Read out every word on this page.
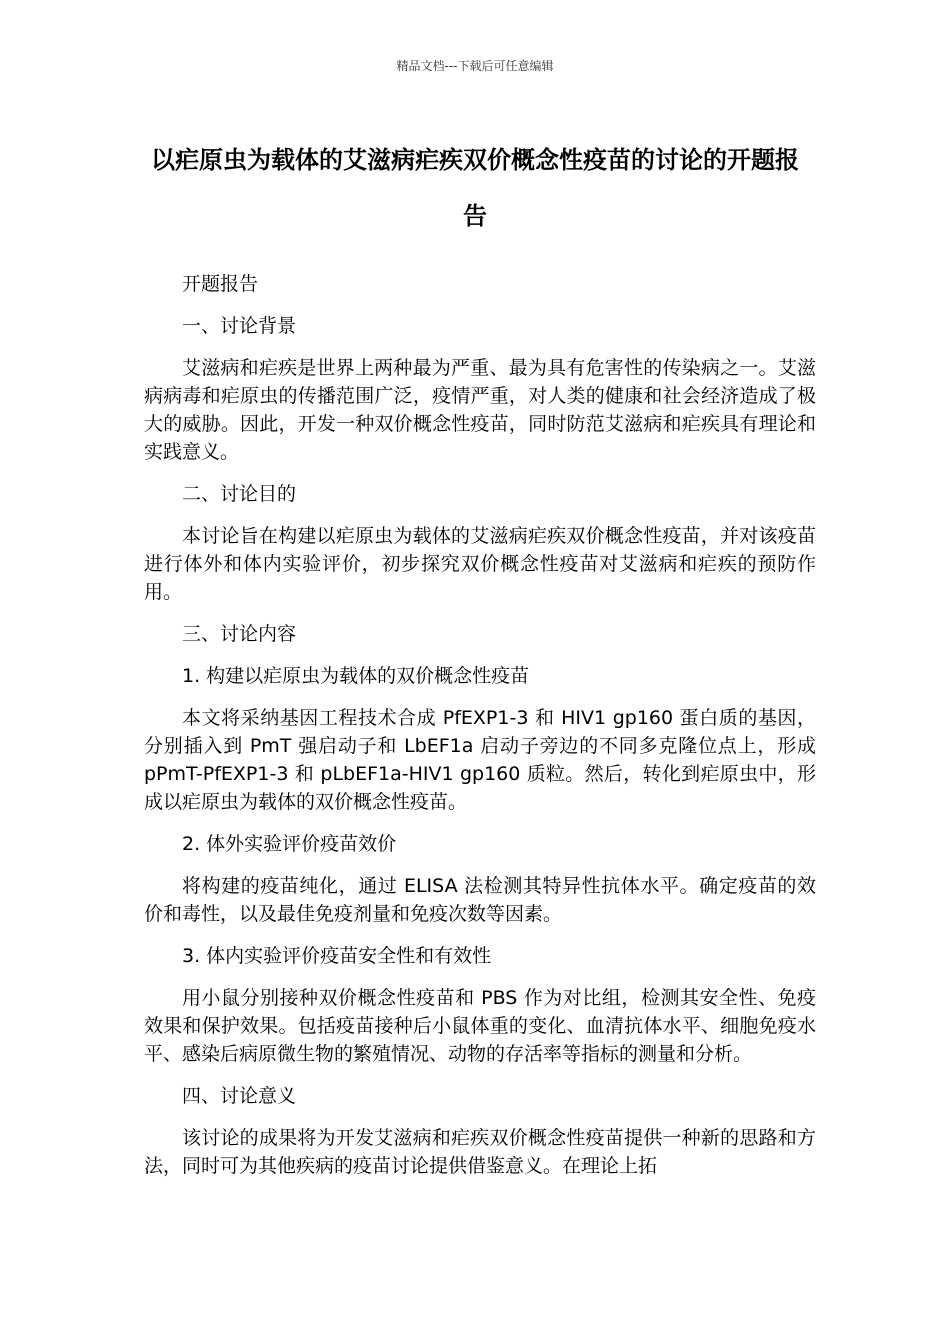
精品文档---下载后可任意编辑
以疟原虫为载体的艾滋病疟疾双价概念性疫苗的讨论的开题报告
开题报告
一、讨论背景
艾滋病和疟疾是世界上两种最为严重、最为具有危害性的传染病之一。艾滋病病毒和疟原虫的传播范围广泛，疫情严重，对人类的健康和社会经济造成了极大的威胁。因此，开发一种双价概念性疫苗，同时防范艾滋病和疟疾具有理论和实践意义。
二、讨论目的
本讨论旨在构建以疟原虫为载体的艾滋病疟疾双价概念性疫苗，并对该疫苗进行体外和体内实验评价，初步探究双价概念性疫苗对艾滋病和疟疾的预防作用。
三、讨论内容
1. 构建以疟原虫为载体的双价概念性疫苗
本文将采纳基因工程技术合成 PfEXP1-3 和 HIV1 gp160 蛋白质的基因，分别插入到 PmT 强启动子和 LbEF1a 启动子旁边的不同多克隆位点上，形成 pPmT-PfEXP1-3 和 pLbEF1a-HIV1 gp160 质粒。然后，转化到疟原虫中，形成以疟原虫为载体的双价概念性疫苗。
2. 体外实验评价疫苗效价
将构建的疫苗纯化，通过 ELISA 法检测其特异性抗体水平。确定疫苗的效价和毒性，以及最佳免疫剂量和免疫次数等因素。
3. 体内实验评价疫苗安全性和有效性
用小鼠分别接种双价概念性疫苗和 PBS 作为对比组，检测其安全性、免疫效果和保护效果。包括疫苗接种后小鼠体重的变化、血清抗体水平、细胞免疫水平、感染后病原微生物的繁殖情况、动物的存活率等指标的测量和分析。
四、讨论意义
该讨论的成果将为开发艾滋病和疟疾双价概念性疫苗提供一种新的思路和方法，同时可为其他疾病的疫苗讨论提供借鉴意义。在理论上拓
